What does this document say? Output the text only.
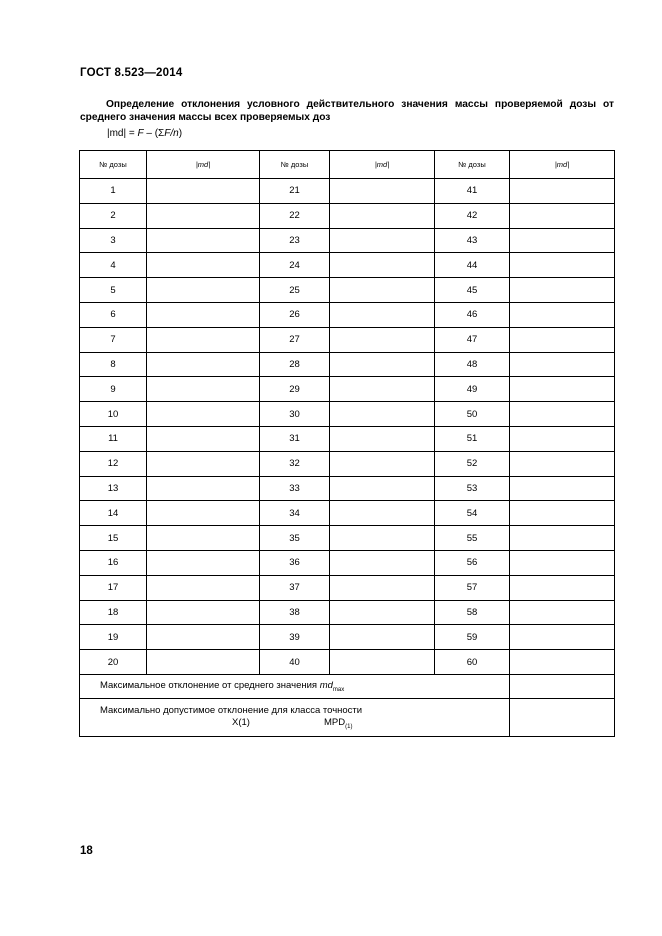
ГОСТ 8.523—2014
Определение отклонения условного действительного значения массы проверяемой дозы от
среднего значения массы всех проверяемых доз
|md| = F – (ΣF/n)
№ дозы	|md|	№ дозы	|md|	№ дозы	|md|
1		21		41	
2		22		42	
3		23		43	
4		24		44	
5		25		45	
6		26		46	
7		27		47	
8		28		48	
9		29		49	
10		30		50	
11		31		51	
12		32		52	
13		33		53	
14		34		54	
15		35		55	
16		36		56	
17		37		57	
18		38		58	
19		39		59	
20		40		60	
Максимальное отклонение от среднего значения $md_{max}$	
Максимально допустимое отклонение для класса точности
X(1) $MPD_{(1)}$

18
